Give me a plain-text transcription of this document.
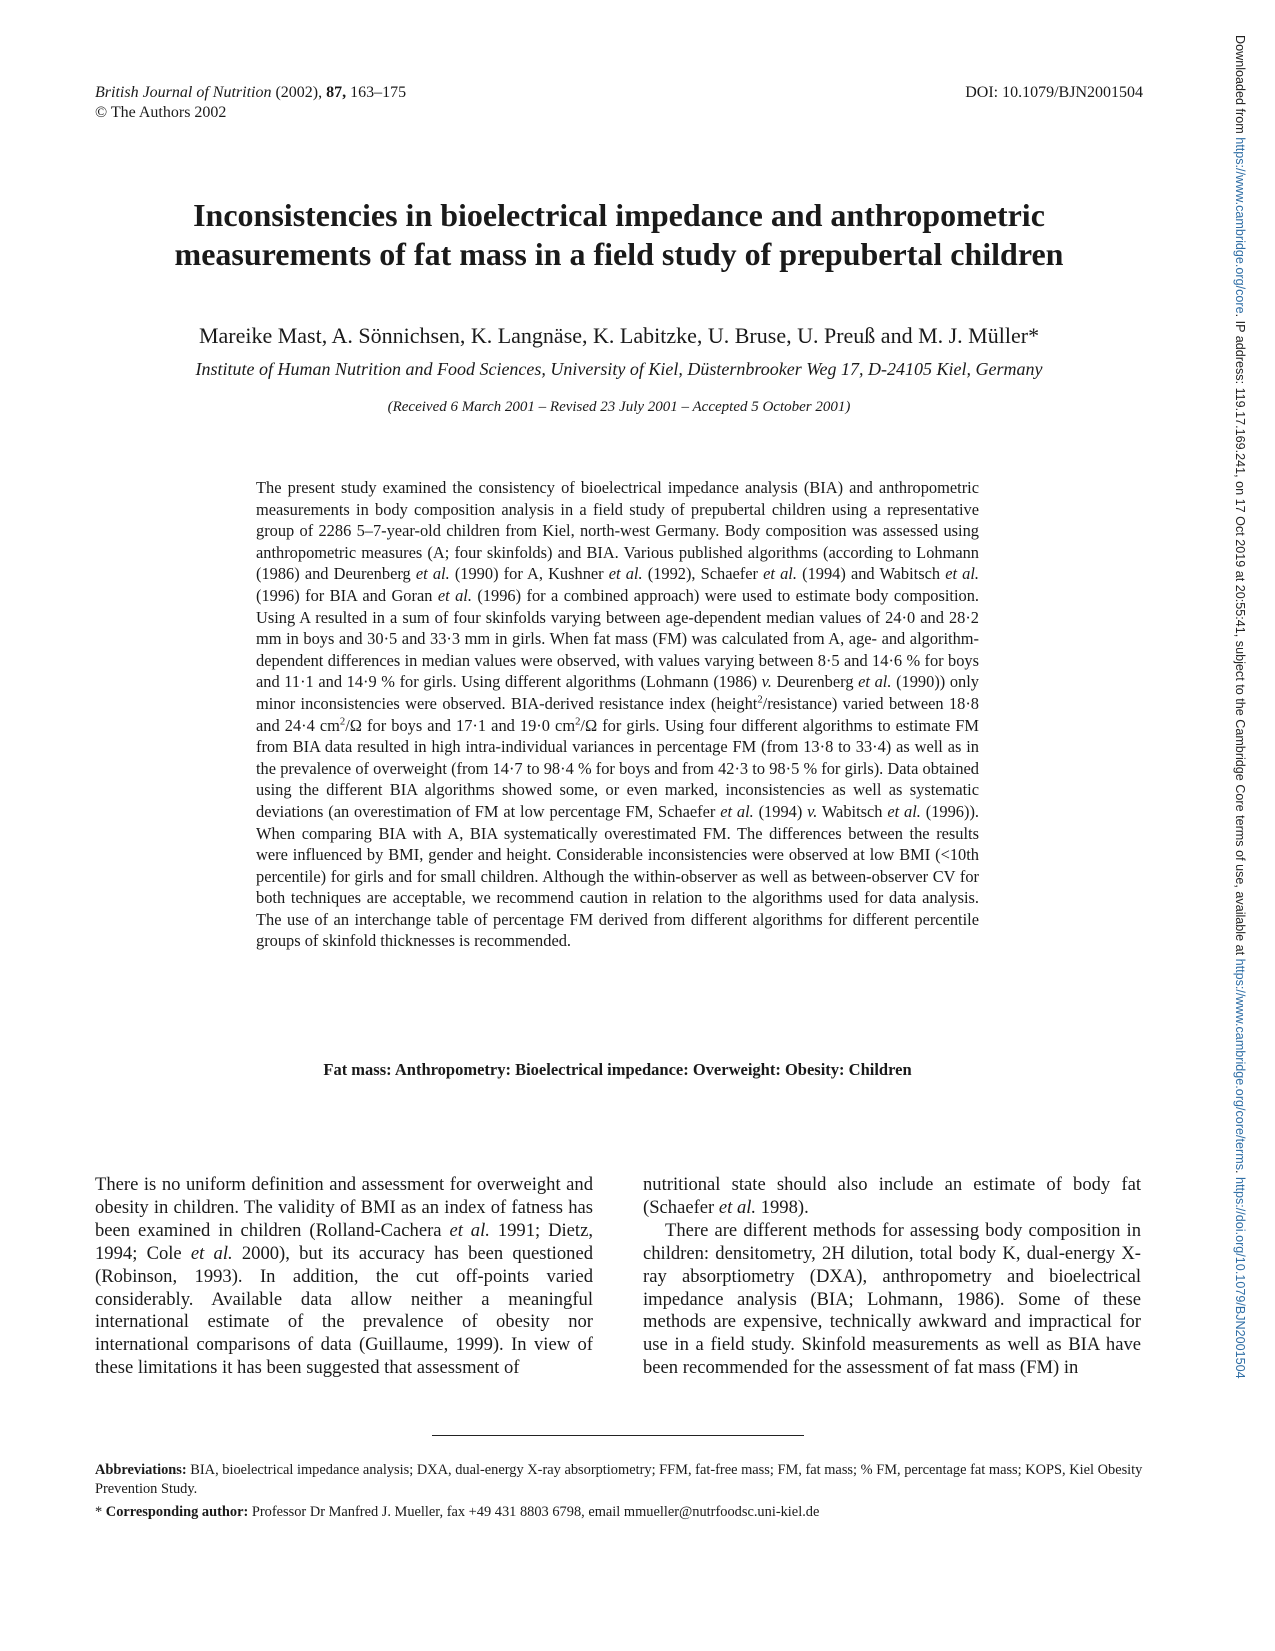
British Journal of Nutrition (2002), 87, 163–175
© The Authors 2002
DOI: 10.1079/BJN2001504
Inconsistencies in bioelectrical impedance and anthropometric
measurements of fat mass in a field study of prepubertal children
Mareike Mast, A. Sönnichsen, K. Langnäse, K. Labitzke, U. Bruse, U. Preuß and M. J. Müller*
Institute of Human Nutrition and Food Sciences, University of Kiel, Düsternbrooker Weg 17, D-24105 Kiel, Germany
(Received 6 March 2001 – Revised 23 July 2001 – Accepted 5 October 2001)
The present study examined the consistency of bioelectrical impedance analysis (BIA) and anthropometric measurements in body composition analysis in a field study of prepubertal children using a representative group of 2286 5–7-year-old children from Kiel, north-west Germany. Body composition was assessed using anthropometric measures (A; four skinfolds) and BIA. Various published algorithms (according to Lohmann (1986) and Deurenberg et al. (1990) for A, Kushner et al. (1992), Schaefer et al. (1994) and Wabitsch et al. (1996) for BIA and Goran et al. (1996) for a combined approach) were used to estimate body composition. Using A resulted in a sum of four skinfolds varying between age-dependent median values of 24·0 and 28·2 mm in boys and 30·5 and 33·3 mm in girls. When fat mass (FM) was calculated from A, age- and algorithm-dependent differences in median values were observed, with values varying between 8·5 and 14·6 % for boys and 11·1 and 14·9 % for girls. Using different algorithms (Lohmann (1986) v. Deurenberg et al. (1990)) only minor inconsistencies were observed. BIA-derived resistance index (height$^2$/resistance) varied between 18·8 and 24·4 $cm^2/\Omega$ for boys and 17·1 and 19·0 $cm^2/\Omega$ for girls. Using four different algorithms to estimate FM from BIA data resulted in high intra-individual variances in percentage FM (from 13·8 to 33·4) as well as in the prevalence of overweight (from 14·7 to 98·4 % for boys and from 42·3 to 98·5 % for girls). Data obtained using the different BIA algorithms showed some, or even marked, inconsistencies as well as systematic deviations (an overestimation of FM at low percentage FM, Schaefer et al. (1994) v. Wabitsch et al. (1996)). When comparing BIA with A, BIA systematically overestimated FM. The differences between the results were influenced by BMI, gender and height. Considerable inconsistencies were observed at low BMI (<10th percentile) for girls and for small children. Although the within-observer as well as between-observer CV for both techniques are acceptable, we recommend caution in relation to the algorithms used for data analysis. The use of an interchange table of percentage FM derived from different algorithms for different percentile groups of skinfold thicknesses is recommended.
Fat mass: Anthropometry: Bioelectrical impedance: Overweight: Obesity: Children

There is no uniform definition and assessment for overweight and obesity in children. The validity of BMI as an index of fatness has been examined in children (Rolland-Cachera et al. 1991; Dietz, 1994; Cole et al. 2000), but its accuracy has been questioned (Robinson, 1993). In addition, the cut off-points varied considerably. Available data allow neither a meaningful international estimate of the prevalence of obesity nor international comparisons of data (Guillaume, 1999). In view of these limitations it has been suggested that assessment of

nutritional state should also include an estimate of body fat (Schaefer et al. 1998).

There are different methods for assessing body composition in children: densitometry, 2H dilution, total body K, dual-energy X-ray absorptiometry (DXA), anthropometry and bioelectrical impedance analysis (BIA; Lohmann, 1986). Some of these methods are expensive, technically awkward and impractical for use in a field study. Skinfold measurements as well as BIA have been recommended for the assessment of fat mass (FM) in

Abbreviations: BIA, bioelectrical impedance analysis; DXA, dual-energy X-ray absorptiometry; FFM, fat-free mass; FM, fat mass; % FM, percentage fat mass; KOPS, Kiel Obesity Prevention Study.
* Corresponding author: Professor Dr Manfred J. Mueller, fax +49 431 8803 6798, email mmueller@nutrfoodsc.uni-kiel.de
Downloaded from https://www.cambridge.org/core. IP address: 119.17.169.241, on 17 Oct 2019 at 20:55:41, subject to the Cambridge Core terms of use, available at https://www.cambridge.org/core/terms. https://doi.org/10.1079/BJN2001504
